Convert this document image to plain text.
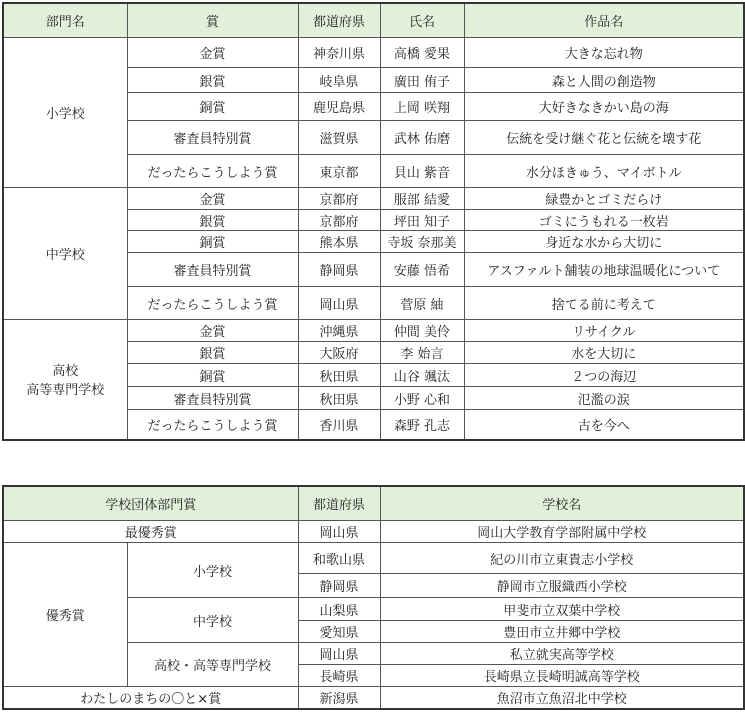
部門名	賞	都道府県	氏名	作品名
小学校	金賞	神奈川県	高橋 愛果	大きな忘れ物
	銀賞	岐阜県	廣田 侑子	森と人間の創造物
	銅賞	鹿児島県	上岡 咲翔	大好きなきかい島の海
	審査員特別賞	滋賀県	武林 佑磨	伝統を受け継ぐ花と伝統を壊す花
	だったらこうしよう賞	東京都	貝山 紫音	水分ほきゅう、マイボトル
中学校	金賞	京都府	服部 結愛	緑豊かとゴミだらけ
	銀賞	京都府	坪田 知子	ゴミにうもれる一枚岩
	銅賞	熊本県	寺坂 奈那美	身近な水から大切に
	審査員特別賞	静岡県	安藤 悟希	アスファルト舗装の地球温暖化について
	だったらこうしよう賞	岡山県	菅原 紬	捨てる前に考えて
高校
高等専門学校	金賞	沖縄県	仲間 美伶	リサイクル
	銀賞	大阪府	李 始言	水を大切に
	銅賞	秋田県	山谷 颯汰	２つの海辺
	審査員特別賞	秋田県	小野 心和	氾濫の涙
	だったらこうしよう賞	香川県	森野 孔志	古を今へ
学校団体部門賞		都道府県	学校名
最優秀賞		岡山県	岡山大学教育学部附属中学校
優秀賞	小学校	和歌山県	紀の川市立東貴志小学校
		静岡県	静岡市立服織西小学校
	中学校	山梨県	甲斐市立双葉中学校
		愛知県	豊田市立井郷中学校
	高校・高等専門学校	岡山県	私立就実高等学校
		長崎県	長崎県立長崎明誠高等学校
わたしのまちの〇と×賞		新潟県	魚沼市立魚沼北中学校
